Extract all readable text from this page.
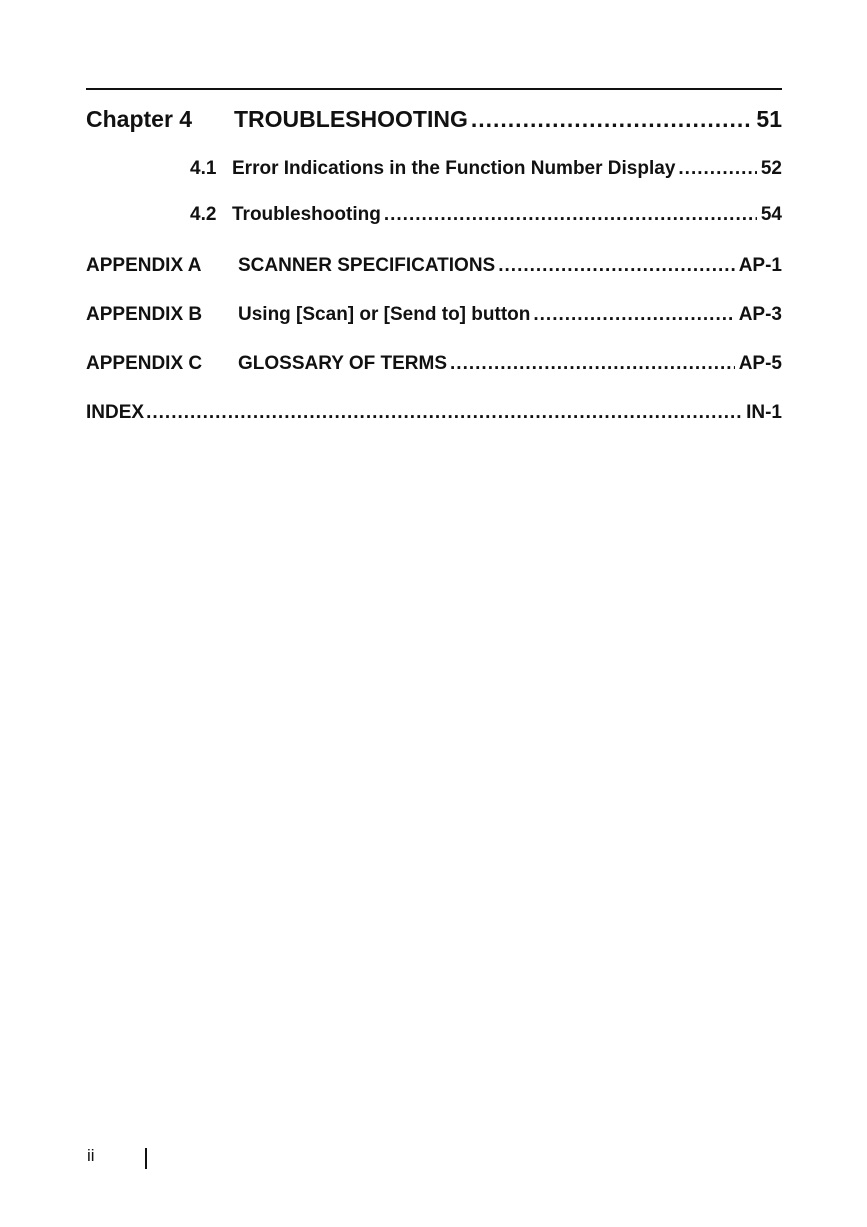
Chapter 4	TROUBLESHOOTING .....	51
4.1 Error Indications in the Function Number Display .....	52
4.2 Troubleshooting .....	54
APPENDIX A	SCANNER SPECIFICATIONS .....	AP-1
APPENDIX B	Using [Scan] or [Send to] button .....	AP-3
APPENDIX C	GLOSSARY OF TERMS .....	AP-5
INDEX .....	IN-1
ii
